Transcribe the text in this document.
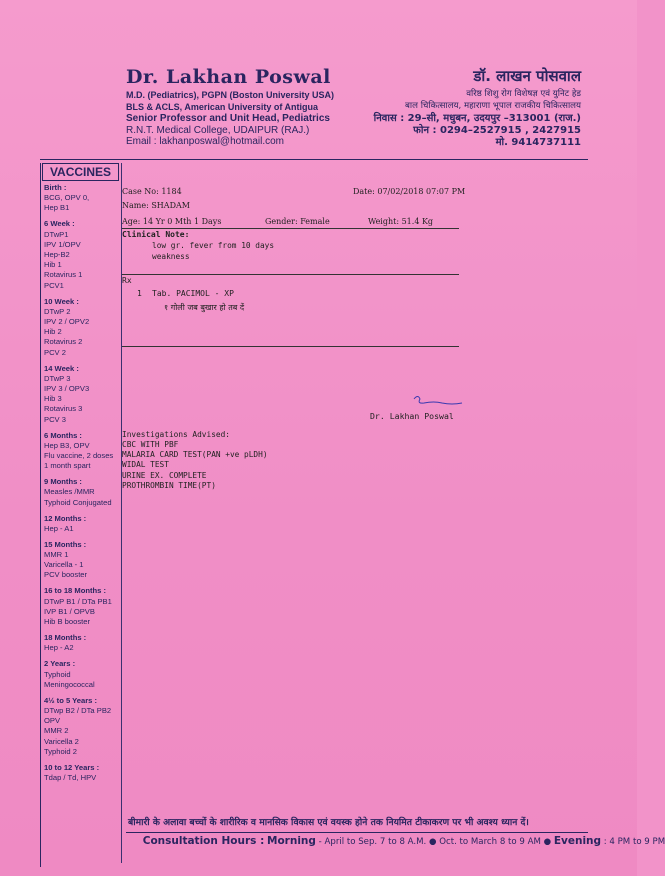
Dr. Lakhan Poswal
M.D. (Pediatrics), PGPN (Boston University USA)
BLS & ACLS, American University of Antigua
Senior Professor and Unit Head, Pediatrics
R.N.T. Medical College, UDAIPUR (RAJ.)
Email : lakhanposwal@hotmail.com
डॉ. लाखन पोसवाल
वरिष्ठ शिशु रोग विशेषज्ञ एवं युनिट हेड
बाल चिकित्सालय, महाराणा भूपाल राजकीय चिकित्सालय
निवास : 29–सी, मधुबन, उदयपुर –313001 (राज.)
फोन : 0294–2527915 , 2427915
मो. 9414737111
VACCINES
Birth :
BCG, OPV 0,
Hep B1
6 Week :
DTwP1
IPV 1/OPV
Hep-B2
Hib 1
Rotavirus 1
PCV1
10 Week :
DTwP 2
IPV 2 / OPV2
Hib 2
Rotavirus 2
PCV 2
14 Week :
DTwP 3
IPV 3 / OPV3
Hib 3
Rotavirus 3
PCV 3
6 Months :
Hep B3, OPV
Flu vaccine, 2 doses
1 month spart
9 Months :
Measles /MMR
Typhoid Conjugated
12 Months :
Hep - A1
15 Months :
MMR 1
Varicella - 1
PCV booster
16 to 18 Months :
DTwP B1 / DTa PB1
IVP B1 / OPVB
Hib B booster
18 Months :
Hep - A2
2 Years :
Typhoid
Meningococcal
4½ to 5 Years :
DTwp B2 / DTa PB2
OPV
MMR 2
Varicella 2
Typhoid 2
10 to 12 Years :
Tdap / Td, HPV
Case No: 1184	Date: 07/02/2018 07:07 PM
Name: SHADAM
Age: 14 Yr 0 Mth 1 Days	Gender: Female	Weight: 51.4 Kg
Clinical Note:
low gr. fever from 10 days
weakness
Rx
1 Tab. PACIMOL - XP
१ गोली जब बुखार हो तब दें
Dr. Lakhan Poswal
Investigations Advised:
CBC WITH PBF
MALARIA CARD TEST(PAN +ve pLDH)
WIDAL TEST
URINE EX. COMPLETE
PROTHROMBIN TIME(PT)
बीमारी के अलावा बच्चों के शारीरिक व मानसिक विकास एवं वयस्क होने तक नियमित टीकाकरण पर भी अवश्य ध्यान दें।
Consultation Hours : Morning - April to Sep. 7 to 8 A.M. ● Oct. to March 8 to 9 AM ● Evening : 4 PM to 9 PM
